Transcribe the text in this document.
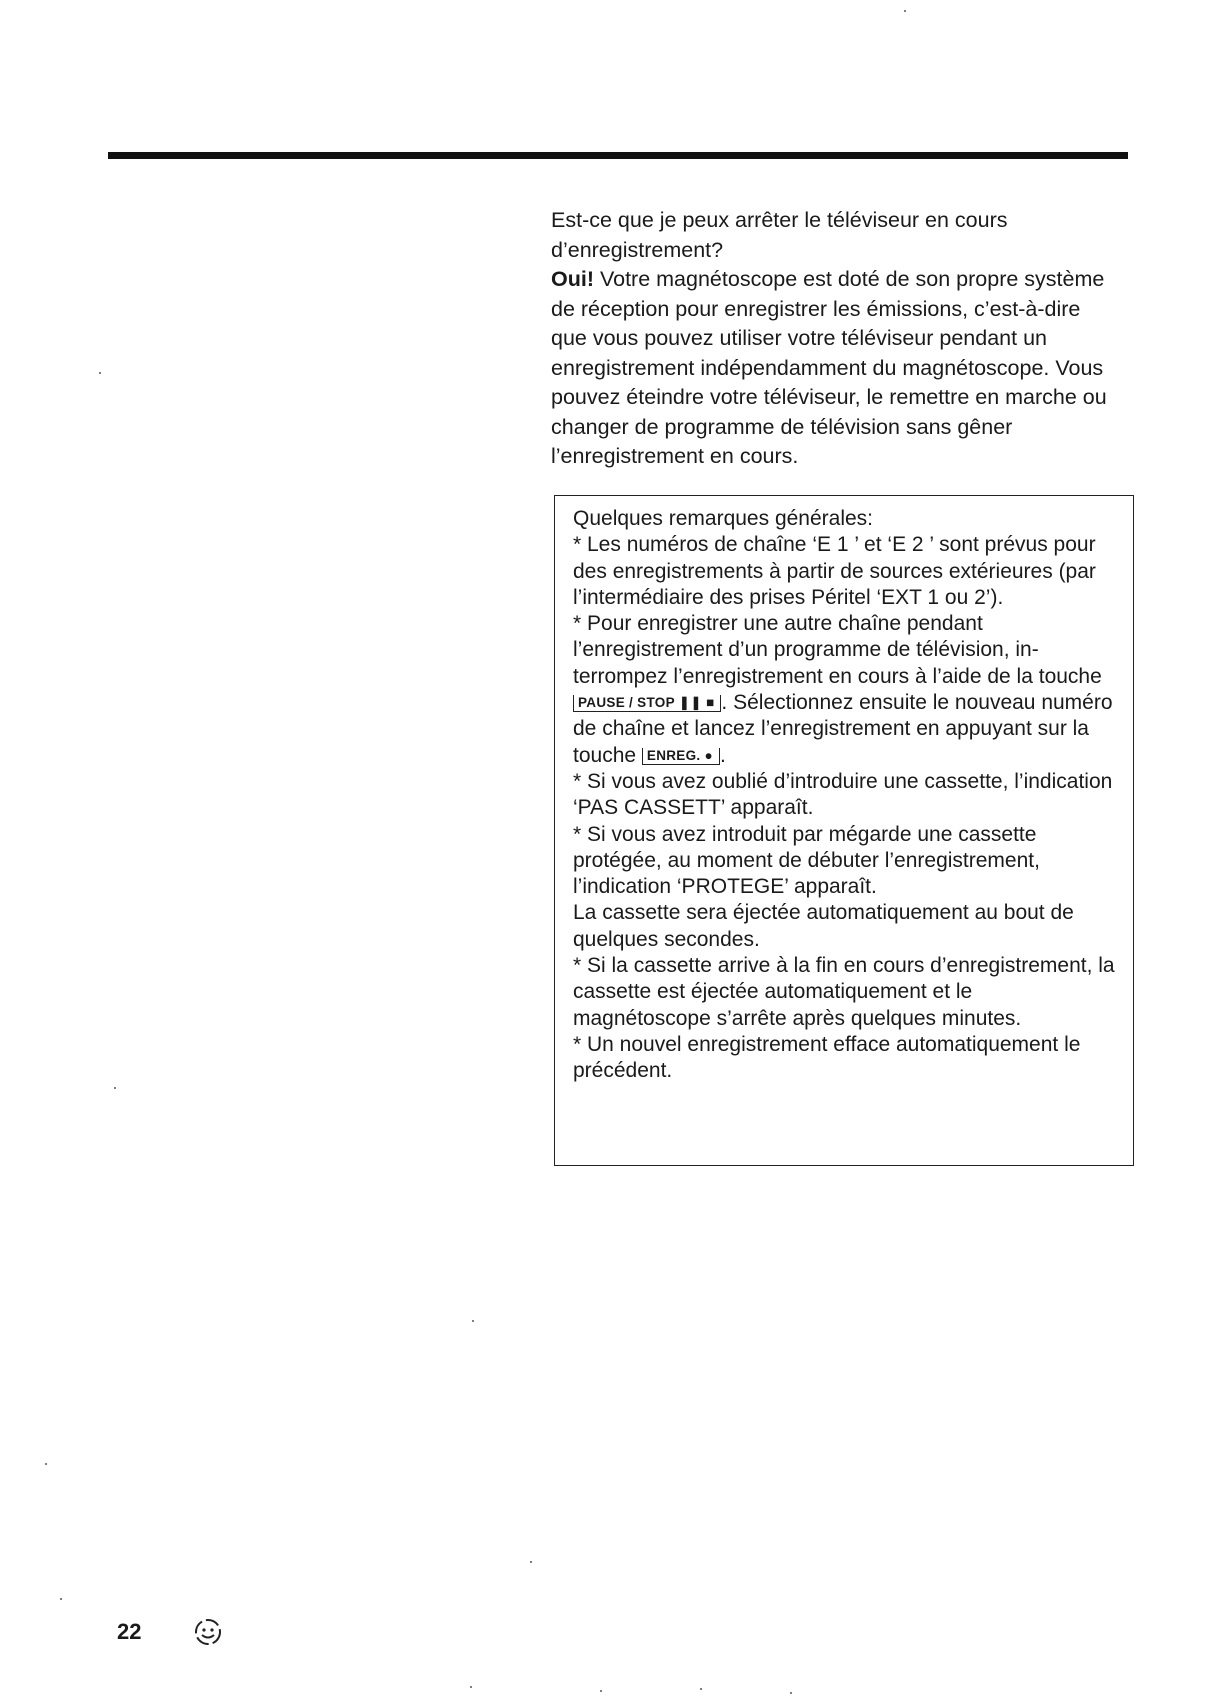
Est-ce que je peux arrêter le téléviseur en cours d’enregistrement?

Oui! Votre magnétoscope est doté de son propre système de réception pour enregistrer les émissions, c’est-à-dire que vous pouvez utiliser votre téléviseur pendant un enregistrement indépendamment du magnétoscope. Vous pouvez éteindre votre téléviseur, le remettre en marche ou changer de programme de télévision sans gêner l’enregistrement en cours.

Quelques remarques générales:

* Les numéros de chaîne ‘E 1 ’ et ‘E 2 ’ sont prévus pour des enregistrements à partir de sources extérieures (par l’intermédiaire des prises Péritel ‘EXT 1 ou 2’).

* Pour enregistrer une autre chaîne pendant l’enregistrement d’un programme de télévision, interrompez l’enregistrement en cours à l’aide de la touche PAUSE / STOP ❚❚ ■ . Sélectionnez ensuite le nouveau numéro de chaîne et lancez l’enregistrement en appuyant sur la touche ENREG. ● .

* Si vous avez oublié d’introduire une cassette, l’indication ‘PAS CASSETT’ apparaît.

* Si vous avez introduit par mégarde une cassette protégée, au moment de débuter l’enregistrement, l’indication ‘PROTEGE’ apparaît.

La cassette sera éjectée automatiquement au bout de quelques secondes.

* Si la cassette arrive à la fin en cours d’enregistrement, la cassette est éjectée automatiquement et le magnétoscope s’arrête après quelques minutes.

* Un nouvel enregistrement efface automatiquement le précédent.

22
